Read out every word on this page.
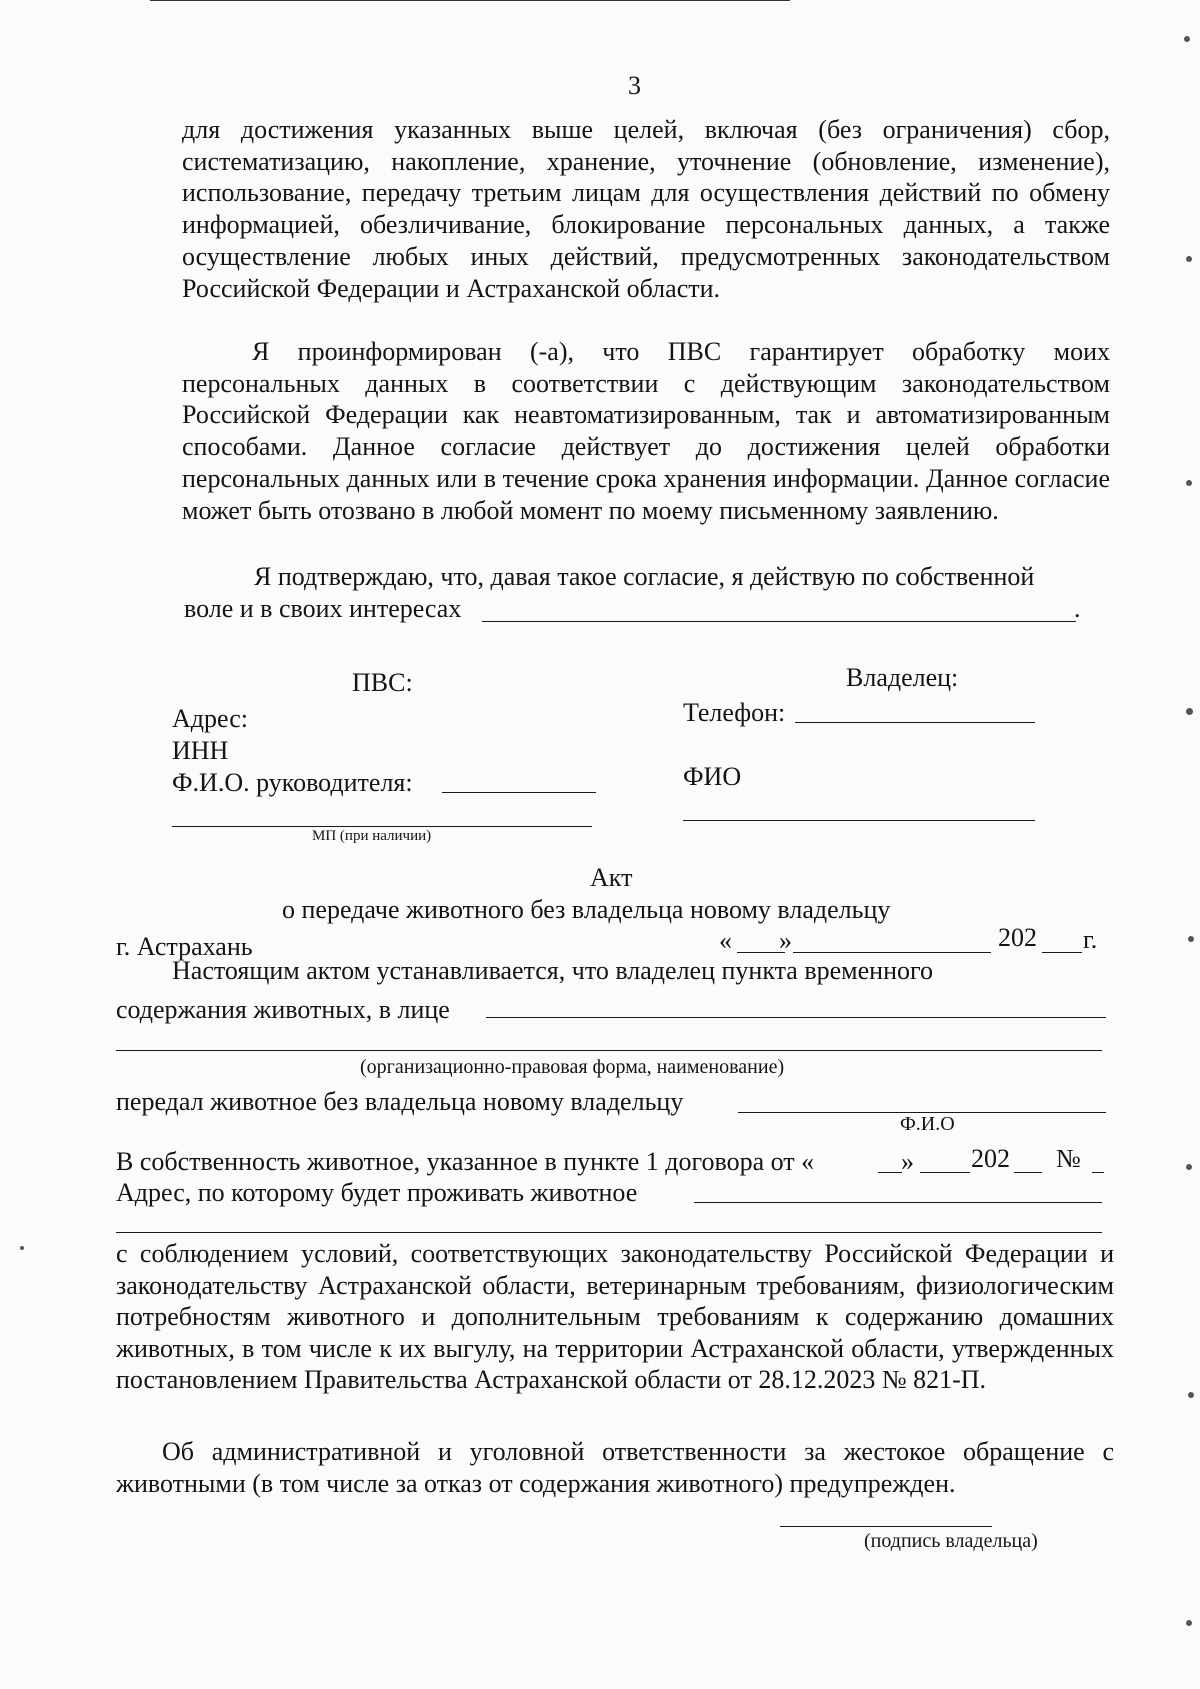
3
для достижения указанных выше целей, включая (без ограничения) сбор, систематизацию, накопление, хранение, уточнение (обновление, изменение), использование, передачу третьим лицам для осуществления действий по обмену информацией, обезличивание, блокирование персональных данных, а также осуществление любых иных действий, предусмотренных законодательством Российской Федерации и Астраханской области.
Я проинформирован (-а), что ПВС гарантирует обработку моих персональных данных в соответствии с действующим законодательством Российской Федерации как неавтоматизированным, так и автоматизированным способами. Данное согласие действует до достижения целей обработки персональных данных или в течение срока хранения информации. Данное согласие может быть отозвано в любой момент по моему письменному заявлению.
Я подтверждаю, что, давая такое согласие, я действую по собственной
воле и в своих интересах	.
ПВС:	Владелец:
Адрес:	Телефон:
ИНН
Ф.И.О. руководителя:	ФИО
МП (при наличии)
Акт
о передаче животного без владельца новому владельцу
г. Астрахань	« »	202 г.
Настоящим актом устанавливается, что владелец пункта временного
содержания животных, в лице
(организационно-правовая форма, наименование)
передал животное без владельца новому владельцу
Ф.И.О
В собственность животное, указанное в пункте 1 договора от «	» 202 №
Адрес, по которому будет проживать животное
с соблюдением условий, соответствующих законодательству Российской Федерации и законодательству Астраханской области, ветеринарным требованиям, физиологическим потребностям животного и дополнительным требованиям к содержанию домашних животных, в том числе к их выгулу, на территории Астраханской области, утвержденных постановлением Правительства Астраханской области от 28.12.2023 № 821-П.
Об административной и уголовной ответственности за жестокое обращение с животными (в том числе за отказ от содержания животного) предупрежден.
(подпись владельца)
